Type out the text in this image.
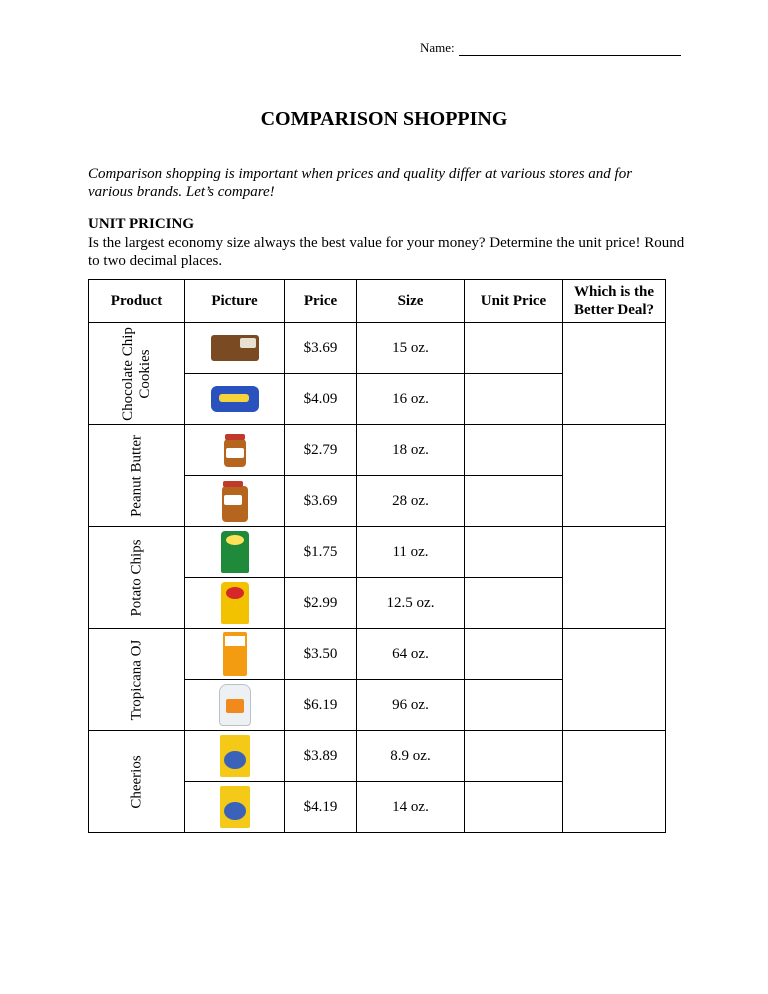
Name:
COMPARISON SHOPPING
Comparison shopping is important when prices and quality differ at various stores and for various brands. Let’s compare!
UNIT PRICING
Is the largest economy size always the best value for your money? Determine the unit price! Round to two decimal places.
Product	Picture	Price	Size	Unit Price	Which is the Better Deal?

Chocolate Chip Cookies		$3.69	15 oz.		
		$4.09	16 oz.		

Peanut Butter		$2.79	18 oz.		
		$3.69	28 oz.		

Potato Chips		$1.75	11 oz.		
		$2.99	12.5 oz.		

Tropicana OJ		$3.50	64 oz.		
		$6.19	96 oz.		

Cheerios		$3.89	8.9 oz.		
		$4.19	14 oz.		
